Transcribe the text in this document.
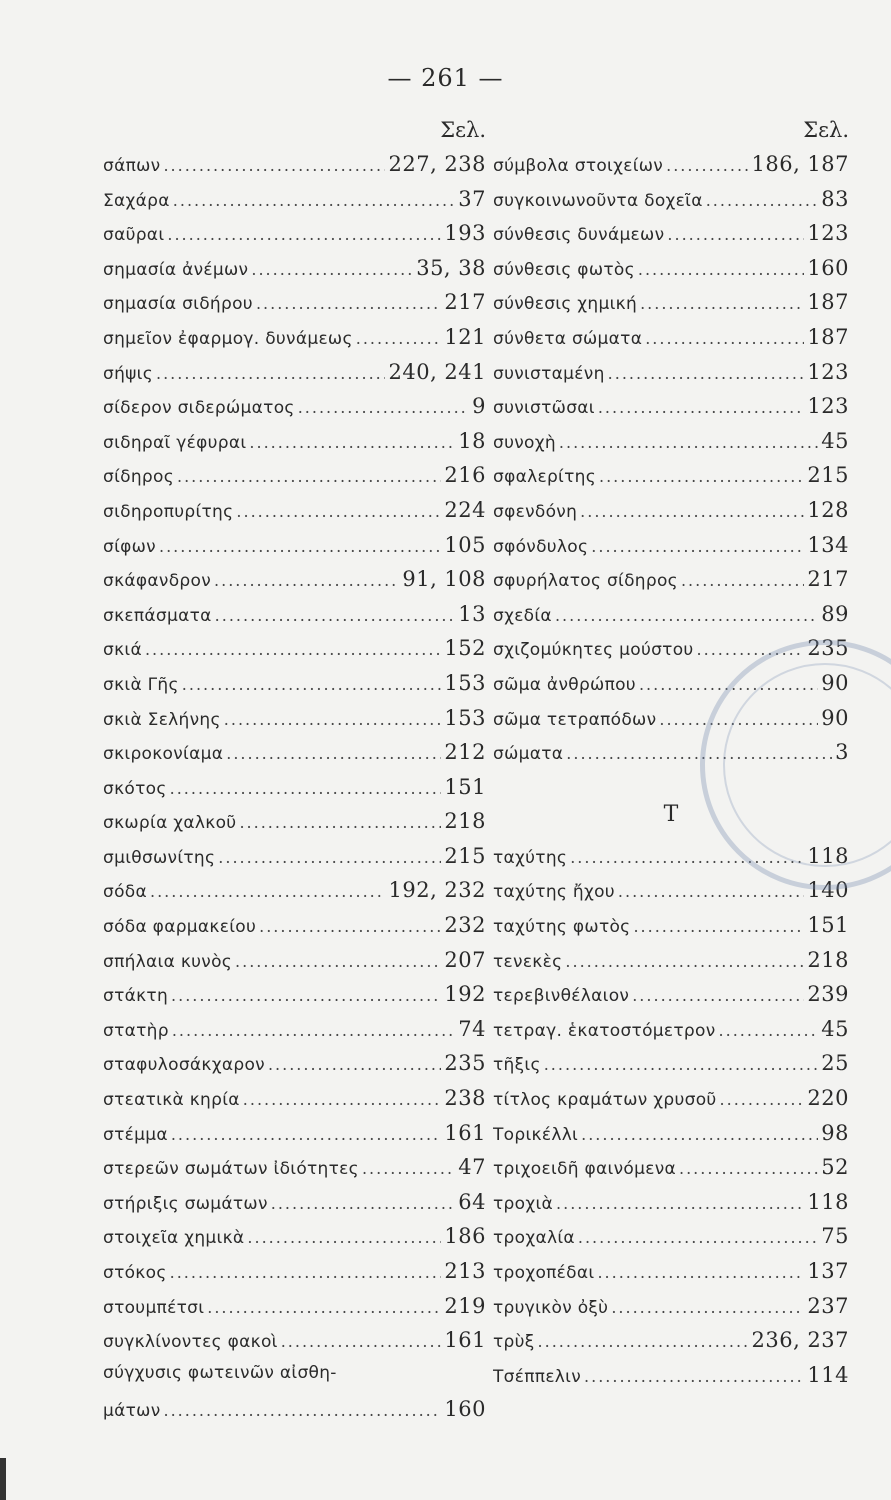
— 261 —
Σελ.
σάπων .....	227, 238
Σαχάρα .....	37
σαῦραι .....	193
σημασία ἀνέμων .....	35, 38
σημασία σιδήρου .....	217
σημεῖον ἐφαρμογ. δυνάμεως .....	121
σήψις .....	240, 241
σίδερον σιδερώματος .....	9
σιδηραῖ γέφυραι .....	18
σίδηρος .....	216
σιδηροπυρίτης .....	224
σίφων .....	105
σκάφανδρον .....	91, 108
σκεπάσματα .....	13
σκιά .....	152
σκιὰ Γῆς .....	153
σκιὰ Σελήνης .....	153
σκιροκονίαμα .....	212
σκότος .....	151
σκωρία χαλκοῦ .....	218
σμιθσωνίτης .....	215
σόδα .....	192, 232
σόδα φαρμακείου .....	232
σπήλαια κυνὸς .....	207
στάκτη .....	192
στατὴρ .....	74
σταφυλοσάκχαρον .....	235
στεατικὰ κηρία .....	238
στέμμα .....	161
στερεῶν σωμάτων ἰδιότητες .....	47
στήριξις σωμάτων .....	64
στοιχεῖα χημικὰ .....	186
στόκος .....	213
στουμπέτσι .....	219
συγκλίνοντες φακοὶ .....	161
σύγχυσις φωτεινῶν αἰσθη-
μάτων .....	160
Σελ.
σύμβολα στοιχείων .....	186, 187
συγκοινωνοῦντα δοχεῖα .....	83
σύνθεσις δυνάμεων .....	123
σύνθεσις φωτὸς .....	160
σύνθεσις χημική .....	187
σύνθετα σώματα .....	187
συνισταμένη .....	123
συνιστῶσαι .....	123
συνοχὴ .....	45
σφαλερίτης .....	215
σφενδόνη .....	128
σφόνδυλος .....	134
σφυρήλατος σίδηρος .....	217
σχεδία .....	89
σχιζομύκητες μούστου .....	235
σῶμα ἀνθρώπου .....	90
σῶμα τετραπόδων .....	90
σώματα .....	3
Τ
ταχύτης .....	118
ταχύτης ἤχου .....	140
ταχύτης φωτὸς .....	151
τενεκὲς .....	218
τερεβινθέλαιον .....	239
τετραγ. ἑκατοστόμετρον .....	45
τῆξις .....	25
τίτλος κραμάτων χρυσοῦ .....	220
Τορικέλλι .....	98
τριχοειδῆ φαινόμενα .....	52
τροχιὰ .....	118
τροχαλία .....	75
τροχοπέδαι .....	137
τρυγικὸν ὀξὺ .....	237
τρὺξ .....	236, 237
Τσέππελιν .....	114
